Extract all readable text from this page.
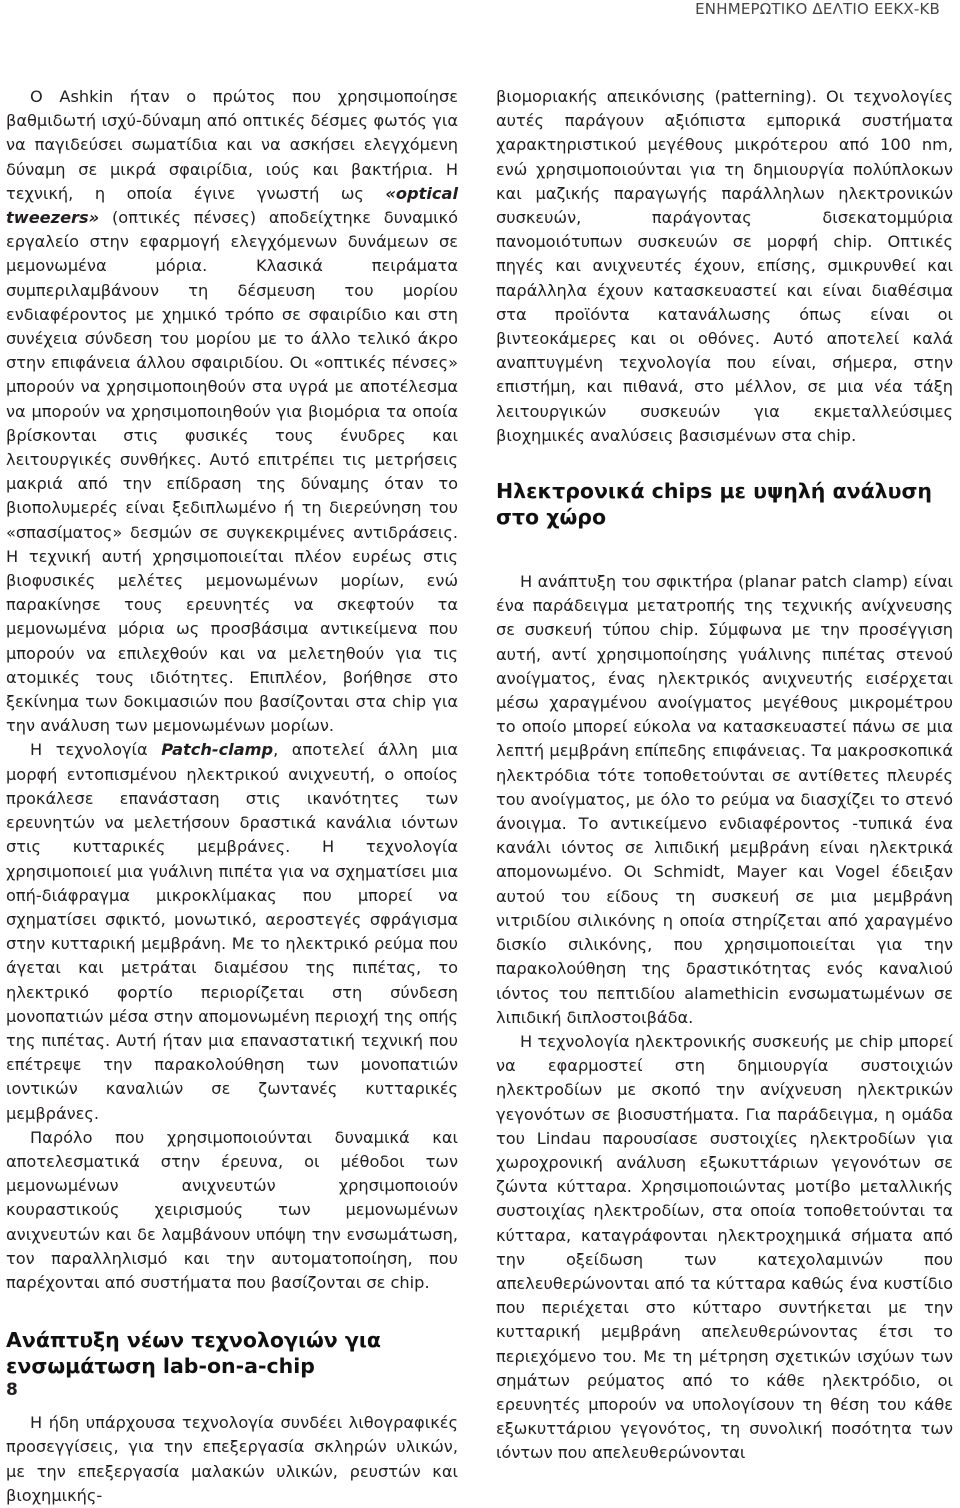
ΕΝΗΜΕΡΩΤΙΚΟ ΔΕΛΤΙΟ ΕΕΚΧ-ΚΒ

Ο Ashkin ήταν ο πρώτος που χρησιμοποίησε βαθμιδωτή ισχύ-δύναμη από οπτικές δέσμες φωτός για να παγιδεύσει σωματίδια και να ασκήσει ελεγχόμενη δύναμη σε μικρά σφαιρίδια, ιούς και βακτήρια. Η τεχνική, η οποία έγινε γνωστή ως «optical tweezers» (οπτικές πένσες) αποδείχτηκε δυναμικό εργαλείο στην εφαρμογή ελεγχόμενων δυνάμεων σε μεμονωμένα μόρια. Κλασικά πειράματα συμπεριλαμβάνουν τη δέσμευση του μορίου ενδιαφέροντος με χημικό τρόπο σε σφαιρίδιο και στη συνέχεια σύνδεση του μορίου με το άλλο τελικό άκρο στην επιφάνεια άλλου σφαιριδίου. Οι «οπτικές πένσες» μπορούν να χρησιμοποιηθούν στα υγρά με αποτέλεσμα να μπορούν να χρησιμοποιηθούν για βιομόρια τα οποία βρίσκονται στις φυσικές τους ένυδρες και λειτουργικές συνθήκες. Αυτό επιτρέπει τις μετρήσεις μακριά από την επίδραση της δύναμης όταν το βιοπολυμερές είναι ξεδιπλωμένο ή τη διερεύνηση του «σπασίματος» δεσμών σε συγκεκριμένες αντιδράσεις. Η τεχνική αυτή χρησιμοποιείται πλέον ευρέως στις βιοφυσικές μελέτες μεμονωμένων μορίων, ενώ παρακίνησε τους ερευνητές να σκεφτούν τα μεμονωμένα μόρια ως προσβάσιμα αντικείμενα που μπορούν να επιλεχθούν και να μελετηθούν για τις ατομικές τους ιδιότητες. Επιπλέον, βοήθησε στο ξεκίνημα των δοκιμασιών που βασίζονται στα chip για την ανάλυση των μεμονωμένων μορίων.

Η τεχνολογία Patch-clamp, αποτελεί άλλη μια μορφή εντοπισμένου ηλεκτρικού ανιχνευτή, ο οποίος προκάλεσε επανάσταση στις ικανότητες των ερευνητών να μελετήσουν δραστικά κανάλια ιόντων στις κυτταρικές μεμβράνες. Η τεχνολογία χρησιμοποιεί μια γυάλινη πιπέτα για να σχηματίσει μια οπή-διάφραγμα μικροκλίμακας που μπορεί να σχηματίσει σφικτό, μονωτικό, αεροστεγές σφράγισμα στην κυτταρική μεμβράνη. Με το ηλεκτρικό ρεύμα που άγεται και μετράται διαμέσου της πιπέτας, το ηλεκτρικό φορτίο περιορίζεται στη σύνδεση μονοπατιών μέσα στην απομονωμένη περιοχή της οπής της πιπέτας. Αυτή ήταν μια επαναστατική τεχνική που επέτρεψε την παρακολούθηση των μονοπατιών ιοντικών καναλιών σε ζωντανές κυτταρικές μεμβράνες.

Παρόλο που χρησιμοποιούνται δυναμικά και αποτελεσματικά στην έρευνα, οι μέθοδοι των μεμονωμένων ανιχνευτών χρησιμοποιούν κουραστικούς χειρισμούς των μεμονωμένων ανιχνευτών και δε λαμβάνουν υπόψη την ενσωμάτωση, τον παραλληλισμό και την αυτοματοποίηση, που παρέχονται από συστήματα που βασίζονται σε chip.

Ανάπτυξη νέων τεχνολογιών για ενσωμάτωση lab-on-a-chip

Η ήδη υπάρχουσα τεχνολογία συνδέει λιθογραφικές προσεγγίσεις, για την επεξεργασία σκληρών υλικών, με την επεξεργασία μαλακών υλικών, ρευστών και βιοχημικής-

βιομοριακής απεικόνισης (patterning). Οι τεχνολογίες αυτές παράγουν αξιόπιστα εμπορικά συστήματα χαρακτηριστικού μεγέθους μικρότερου από 100 nm, ενώ χρησιμοποιούνται για τη δημιουργία πολύπλοκων και μαζικής παραγωγής παράλληλων ηλεκτρονικών συσκευών, παράγοντας δισεκατομμύρια πανομοιότυπων συσκευών σε μορφή chip. Οπτικές πηγές και ανιχνευτές έχουν, επίσης, σμικρυνθεί και παράλληλα έχουν κατασκευαστεί και είναι διαθέσιμα στα προϊόντα κατανάλωσης όπως είναι οι βιντεοκάμερες και οι οθόνες. Αυτό αποτελεί καλά αναπτυγμένη τεχνολογία που είναι, σήμερα, στην επιστήμη, και πιθανά, στο μέλλον, σε μια νέα τάξη λειτουργικών συσκευών για εκμεταλλεύσιμες βιοχημικές αναλύσεις βασισμένων στα chip.

Ηλεκτρονικά chips με υψηλή ανάλυση στο χώρο

Η ανάπτυξη του σφικτήρα (planar patch clamp) είναι ένα παράδειγμα μετατροπής της τεχνικής ανίχνευσης σε συσκευή τύπου chip. Σύμφωνα με την προσέγγιση αυτή, αντί χρησιμοποίησης γυάλινης πιπέτας στενού ανοίγματος, ένας ηλεκτρικός ανιχνευτής εισέρχεται μέσω χαραγμένου ανοίγματος μεγέθους μικρομέτρου το οποίο μπορεί εύκολα να κατασκευαστεί πάνω σε μια λεπτή μεμβράνη επίπεδης επιφάνειας. Τα μακροσκοπικά ηλεκτρόδια τότε τοποθετούνται σε αντίθετες πλευρές του ανοίγματος, με όλο το ρεύμα να διασχίζει το στενό άνοιγμα. Το αντικείμενο ενδιαφέροντος -τυπικά ένα κανάλι ιόντος σε λιπιδική μεμβράνη είναι ηλεκτρικά απομονωμένο. Οι Schmidt, Mayer και Vogel έδειξαν αυτού του είδους τη συσκευή σε μια μεμβράνη νιτριδίου σιλικόνης η οποία στηρίζεται από χαραγμένο δισκίο σιλικόνης, που χρησιμοποιείται για την παρακολούθηση της δραστικότητας ενός καναλιού ιόντος του πεπτιδίου alamethicin ενσωματωμένων σε λιπιδική διπλοστοιβάδα.

Η τεχνολογία ηλεκτρονικής συσκευής με chip μπορεί να εφαρμοστεί στη δημιουργία συστοιχιών ηλεκτροδίων με σκοπό την ανίχνευση ηλεκτρικών γεγονότων σε βιοσυστήματα. Για παράδειγμα, η ομάδα του Lindau παρουσίασε συστοιχίες ηλεκτροδίων για χωροχρονική ανάλυση εξωκυττάριων γεγονότων σε ζώντα κύτταρα. Χρησιμοποιώντας μοτίβο μεταλλικής συστοιχίας ηλεκτροδίων, στα οποία τοποθετούνται τα κύτταρα, καταγράφονται ηλεκτροχημικά σήματα από την οξείδωση των κατεχολαμινών που απελευθερώνονται από τα κύτταρα καθώς ένα κυστίδιο που περιέχεται στο κύτταρο συντήκεται με την κυτταρική μεμβράνη απελευθερώνοντας έτσι το περιεχόμενο του. Με τη μέτρηση σχετικών ισχύων των σημάτων ρεύματος από το κάθε ηλεκτρόδιο, οι ερευνητές μπορούν να υπολογίσουν τη θέση του κάθε εξωκυττάριου γεγονότος, τη συνολική ποσότητα των ιόντων που απελευθερώνονται

8
